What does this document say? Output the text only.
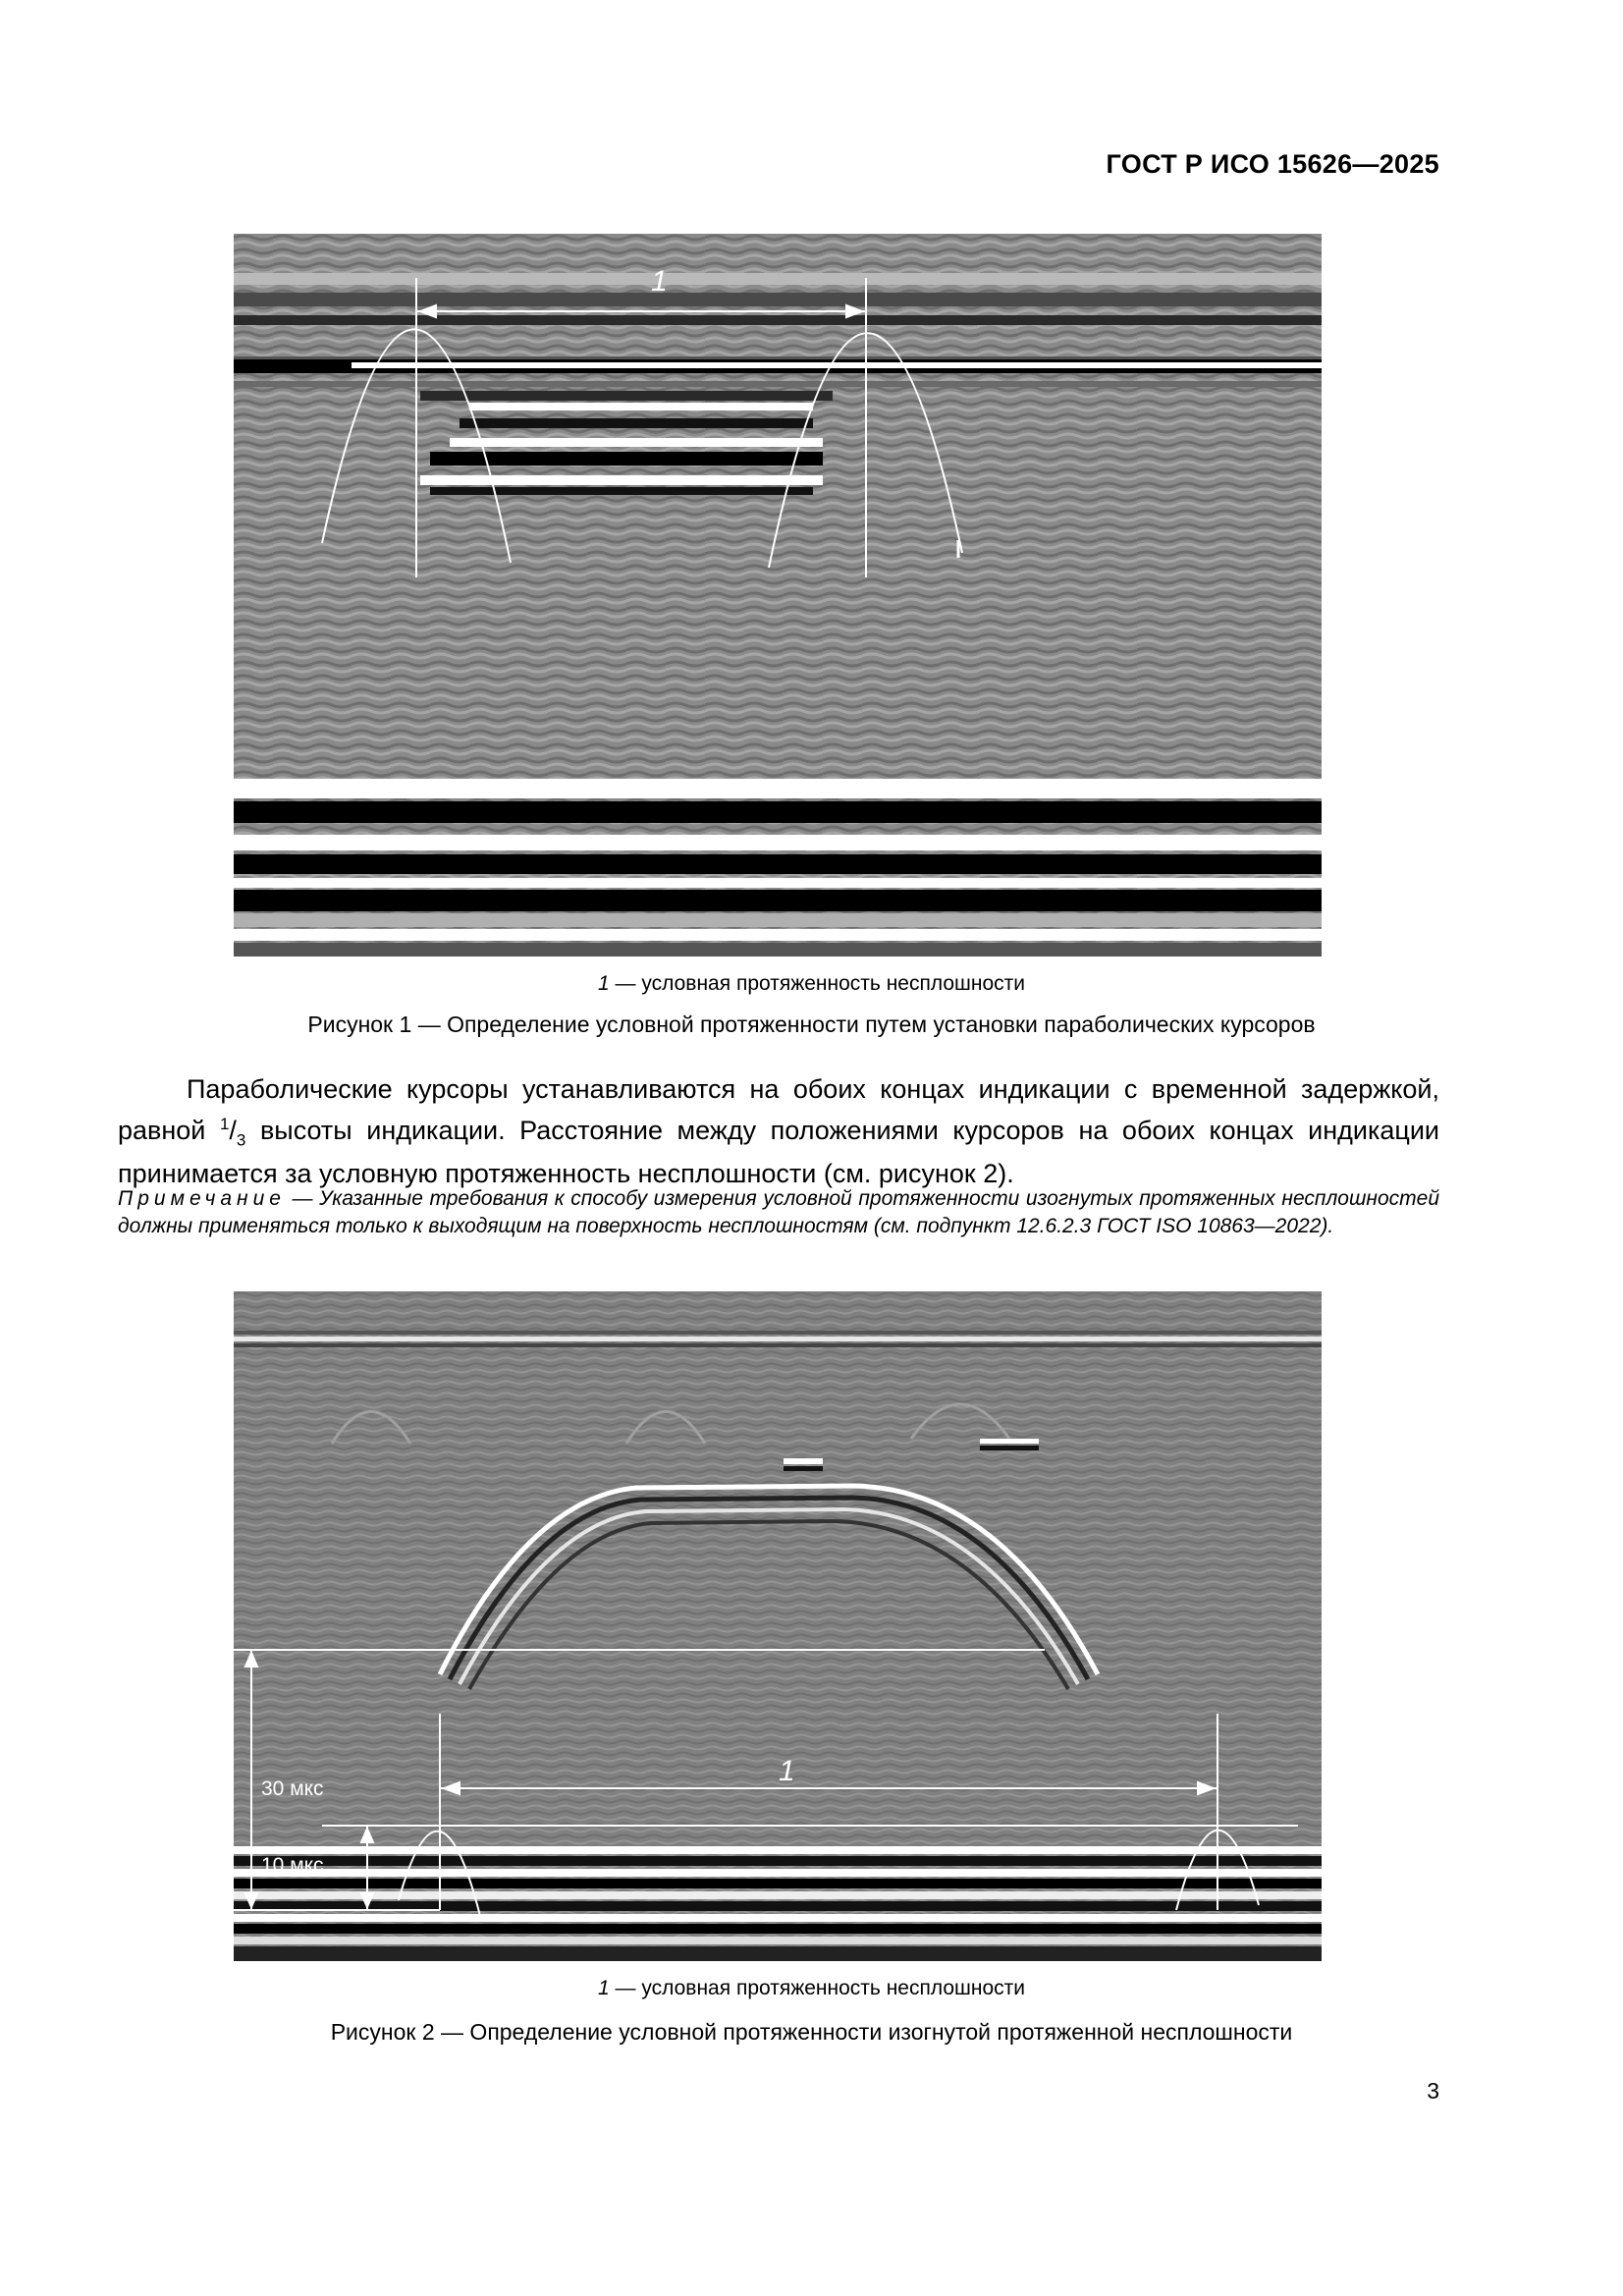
ГОСТ Р ИСО 15626—2025
1
1 — условная протяженность несплошности
Рисунок 1 — Определение условной протяженности путем установки параболических курсоров
Параболические курсоры устанавливаются на обоих концах индикации с временной задержкой,
равной $^1/_3$ высоты индикации. Расстояние между положениями курсоров на обоих концах индикации
принимается за условную протяженность несплошности (см. рисунок 2).
Примечание — Указанные требования к способу измерения условной протяженности изогнутых протяженных несплошностей должны применяться только к выходящим на поверхность несплошностям (см. подпункт 12.6.2.3 ГОСТ ISO 10863—2022).
1
30 мкс
10 мкс
1 — условная протяженность несплошности
Рисунок 2 — Определение условной протяженности изогнутой протяженной несплошности
3
